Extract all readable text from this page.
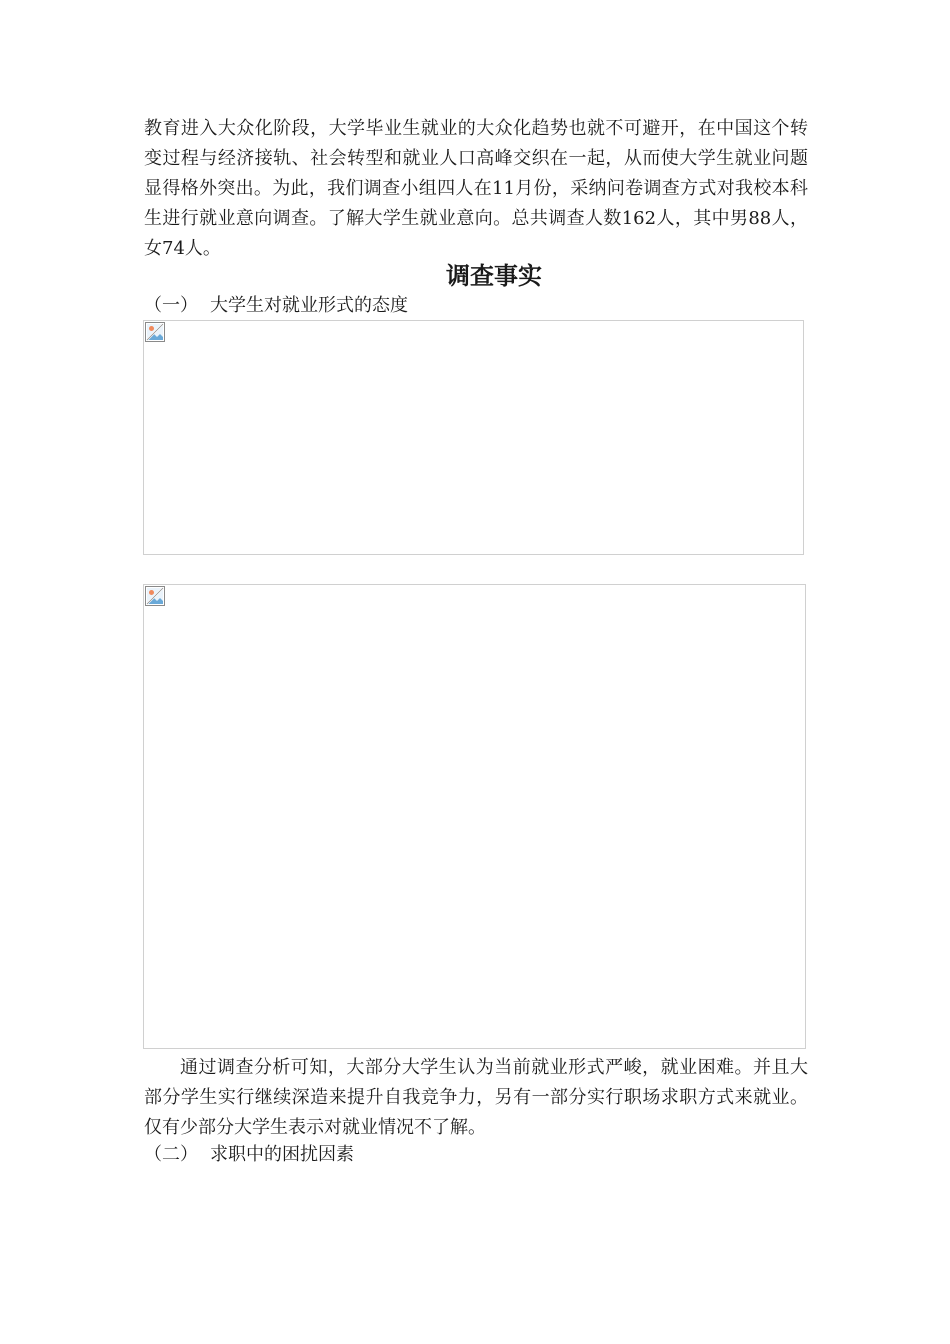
教育进入大众化阶段，大学毕业生就业的大众化趋势也就不可避开，在中国这个转变过程与经济接轨、社会转型和就业人口高峰交织在一起，从而使大学生就业问题显得格外突出。为此，我们调查小组四人在11月份，采纳问卷调查方式对我校本科生进行就业意向调查。了解大学生就业意向。总共调查人数162人，其中男88人，女74人。

调查事实

（一） 大学生对就业形式的态度

通过调查分析可知，大部分大学生认为当前就业形式严峻，就业困难。并且大部分学生实行继续深造来提升自我竞争力，另有一部分实行职场求职方式来就业。仅有少部分大学生表示对就业情况不了解。

（二） 求职中的困扰因素
